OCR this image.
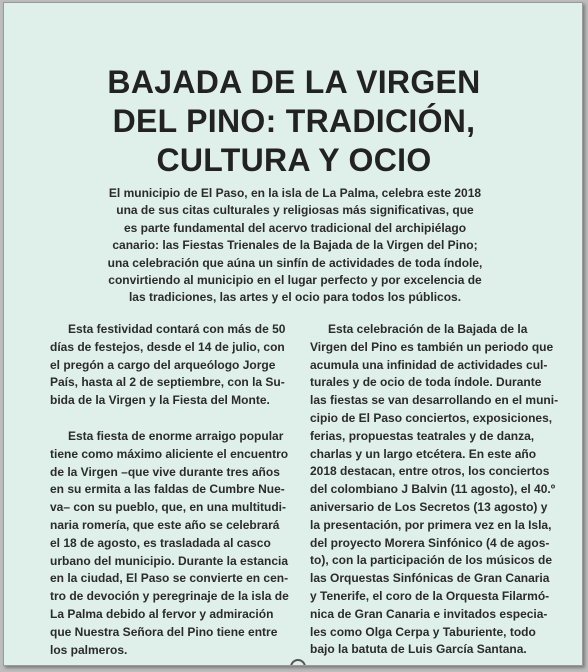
BAJADA DE LA VIRGEN
DEL PINO: TRADICIÓN,
CULTURA Y OCIO

El municipio de El Paso, en la isla de La Palma, celebra este 2018
una de sus citas culturales y religiosas más significativas, que
es parte fundamental del acervo tradicional del archipiélago
canario: las Fiestas Trienales de la Bajada de la Virgen del Pino;
una celebración que aúna un sinfín de actividades de toda índole,
convirtiendo al municipio en el lugar perfecto y por excelencia de
las tradiciones, las artes y el ocio para todos los públicos.

Esta festividad contará con más de 50
días de festejos, desde el 14 de julio, con
el pregón a cargo del arqueólogo Jorge
País, hasta al 2 de septiembre, con la Su-
bida de la Virgen y la Fiesta del Monte.

Esta fiesta de enorme arraigo popular
tiene como máximo aliciente el encuentro
de la Virgen –que vive durante tres años
en su ermita a las faldas de Cumbre Nue-
va– con su pueblo, que, en una multitudi-
naria romería, que este año se celebrará
el 18 de agosto, es trasladada al casco
urbano del municipio. Durante la estancia
en la ciudad, El Paso se convierte en cen-
tro de devoción y peregrinaje de la isla de
La Palma debido al fervor y admiración
que Nuestra Señora del Pino tiene entre
los palmeros.

Esta celebración de la Bajada de la
Virgen del Pino es también un periodo que
acumula una infinidad de actividades cul-
turales y de ocio de toda índole. Durante
las fiestas se van desarrollando en el muni-
cipio de El Paso conciertos, exposiciones,
ferias, propuestas teatrales y de danza,
charlas y un largo etcétera. En este año
2018 destacan, entre otros, los conciertos
del colombiano J Balvin (11 agosto), el 40.º
aniversario de Los Secretos (13 agosto) y
la presentación, por primera vez en la Isla,
del proyecto Morera Sinfónico (4 de agos-
to), con la participación de los músicos de
las Orquestas Sinfónicas de Gran Canaria
y Tenerife, el coro de la Orquesta Filarmó-
nica de Gran Canaria e invitados especia-
les como Olga Cerpa y Taburiente, todo
bajo la batuta de Luis García Santana.
